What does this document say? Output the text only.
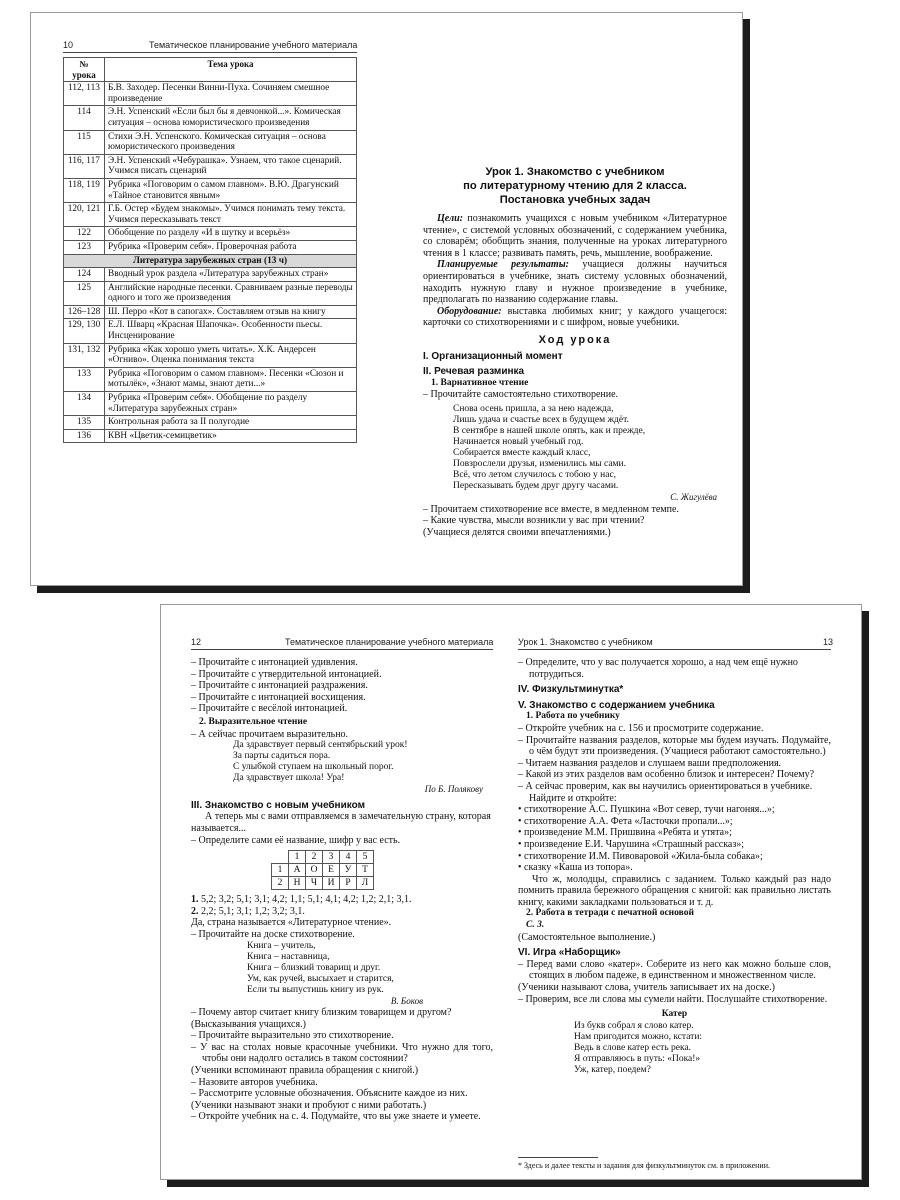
10	Тематическое планирование учебного материала
№ урока	Тема урока
112, 113	Б.В. Заходер. Песенки Винни-Пуха. Сочиняем смешное произведение
114	Э.Н. Успенский «Если был бы я девчонкой...». Комическая ситуация – основа юмористического произведения
115	Стихи Э.Н. Успенского. Комическая ситуация – основа юмористического произведения
116, 117	Э.Н. Успенский «Чебурашка». Узнаем, что такое сценарий. Учимся писать сценарий
118, 119	Рубрика «Поговорим о самом главном». В.Ю. Драгунский «Тайное становится явным»
120, 121	Г.Б. Остер «Будем знакомы». Учимся понимать тему текста. Учимся пересказывать текст
122	Обобщение по разделу «И в шутку и всерьёз»
123	Рубрика «Проверим себя». Проверочная работа
Литература зарубежных стран (13 ч)	
124	Вводный урок раздела «Литература зарубежных стран»
125	Английские народные песенки. Сравниваем разные переводы одного и того же произведения
126–128	Ш. Перро «Кот в сапогах». Составляем отзыв на книгу
129, 130	Е.Л. Шварц «Красная Шапочка». Особенности пьесы. Инсценирование
131, 132	Рубрика «Как хорошо уметь читать». Х.К. Андерсен «Огниво». Оценка понимания текста
133	Рубрика «Поговорим о самом главном». Песенки «Сюзон и мотылёк», «Знают мамы, знают дети...»
134	Рубрика «Проверим себя». Обобщение по разделу «Литература зарубежных стран»
135	Контрольная работа за II полугодие
136	КВН «Цветик-семицветик»

Урок 1. Знакомство с учебником

по литературному чтению для 2 класса.

Постановка учебных задач

Цели: познакомить учащихся с новым учебником «Литературное чтение», с системой условных обозначений, с содержанием учебника, со словарём; обобщить знания, полученные на уроках литературного чтения в 1 классе; развивать память, речь, мышление, воображение.

Планируемые результаты: учащиеся должны научиться ориентироваться в учебнике, знать систему условных обозначений, находить нужную главу и нужное произведение в учебнике, предполагать по названию содержание главы.

Оборудование: выставка любимых книг; у каждого учащегося: карточки со стихотворениями и с шифром, новые учебники.

Ход урока

I. Организационный момент

II. Речевая разминка

1. Вариативное чтение

– Прочитайте самостоятельно стихотворение.

Снова осень пришла, а за нею надежда,

Лишь удача и счастье всех в будущем ждёт.

В сентябре в нашей школе опять, как и прежде,

Начинается новый учебный год.

Собирается вместе каждый класс,

Повзрослели друзья, изменились мы сами.

Всё, что летом случилось с тобою у нас,

Пересказывать будем друг другу часами.

С. Жигулёва

– Прочитаем стихотворение все вместе, в медленном темпе.

– Какие чувства, мысли возникли у вас при чтении?

(Учащиеся делятся своими впечатлениями.)

12	Тематическое планирование учебного материала	Урок 1. Знакомство с учебником	13

– Прочитайте с интонацией удивления.

– Прочитайте с утвердительной интонацией.

– Прочитайте с интонацией раздражения.

– Прочитайте с интонацией восхищения.

– Прочитайте с весёлой интонацией.

2. Выразительное чтение

– А сейчас прочитаем выразительно.

Да здравствует первый сентябрьский урок!

За парты садиться пора.

С улыбкой ступаем на школьный порог.

Да здравствует школа! Ура!

По Б. Полякову

III. Знакомство с новым учебником

А теперь мы с вами отправляемся в замечательную страну, которая называется...

– Определите сами её название, шифр у вас есть.

	1	2	3	4	5
1	А	О	Е	У	Т
2	Н	Ч	И	Р	Л

1. 5,2; 3,2; 5,1; 3,1; 4,2; 1,1; 5,1; 4,1; 4,2; 1,2; 2,1; 3,1.

2. 2,2; 5,1; 3,1; 1,2; 3,2; 3,1.

Да, страна называется «Литературное чтение».

– Прочитайте на доске стихотворение.

Книга – учитель,

Книга – наставница,

Книга – близкий товарищ и друг.

Ум, как ручей, высыхает и старится,

Если ты выпустишь книгу из рук.

В. Боков

– Почему автор считает книгу близким товарищем и другом?

(Высказывания учащихся.)

– Прочитайте выразительно это стихотворение.

– У вас на столах новые красочные учебники. Что нужно для того, чтобы они надолго остались в таком состоянии?

(Ученики вспоминают правила обращения с книгой.)

– Назовите авторов учебника.

– Рассмотрите условные обозначения. Объясните каждое из них.

(Ученики называют знаки и пробуют с ними работать.)

– Откройте учебник на с. 4. Подумайте, что вы уже знаете и умеете.

– Определите, что у вас получается хорошо, а над чем ещё нужно потрудиться.

IV. Физкультминутка*

V. Знакомство с содержанием учебника

1. Работа по учебнику

– Откройте учебник на с. 156 и просмотрите содержание.

– Прочитайте названия разделов, которые мы будем изучать. Подумайте, о чём будут эти произведения. (Учащиеся работают самостоятельно.)

– Читаем названия разделов и слушаем ваши предположения.

– Какой из этих разделов вам особенно близок и интересен? Почему?

– А сейчас проверим, как вы научились ориентироваться в учебнике. Найдите и откройте:

• стихотворение А.С. Пушкина «Вот север, тучи нагоняя...»;

• стихотворение А.А. Фета «Ласточки пропали...»;

• произведение М.М. Пришвина «Ребята и утята»;

• произведение Е.И. Чарушина «Страшный рассказ»;

• стихотворение И.М. Пивоваровой «Жила-была собака»;

• сказку «Каша из топора».

Что ж, молодцы, справились с заданием. Только каждый раз надо помнить правила бережного обращения с книгой: как правильно листать книгу, какими закладками пользоваться и т. д.

2. Работа в тетради с печатной основой

С. 3.

(Самостоятельное выполнение.)

VI. Игра «Наборщик»

– Перед вами слово «катер». Соберите из него как можно больше слов, стоящих в любом падеже, в единственном и множественном числе.

(Ученики называют слова, учитель записывает их на доске.)

– Проверим, все ли слова мы сумели найти. Послушайте стихотворение.

Катер

Из букв собрал я слово катер.

Нам пригодится можно, кстати:

Ведь в слове катер есть река.

Я отправляюсь в путь: «Пока!»

Уж, катер, поедем?

* Здесь и далее тексты и задания для физкультминуток см. в приложении.
